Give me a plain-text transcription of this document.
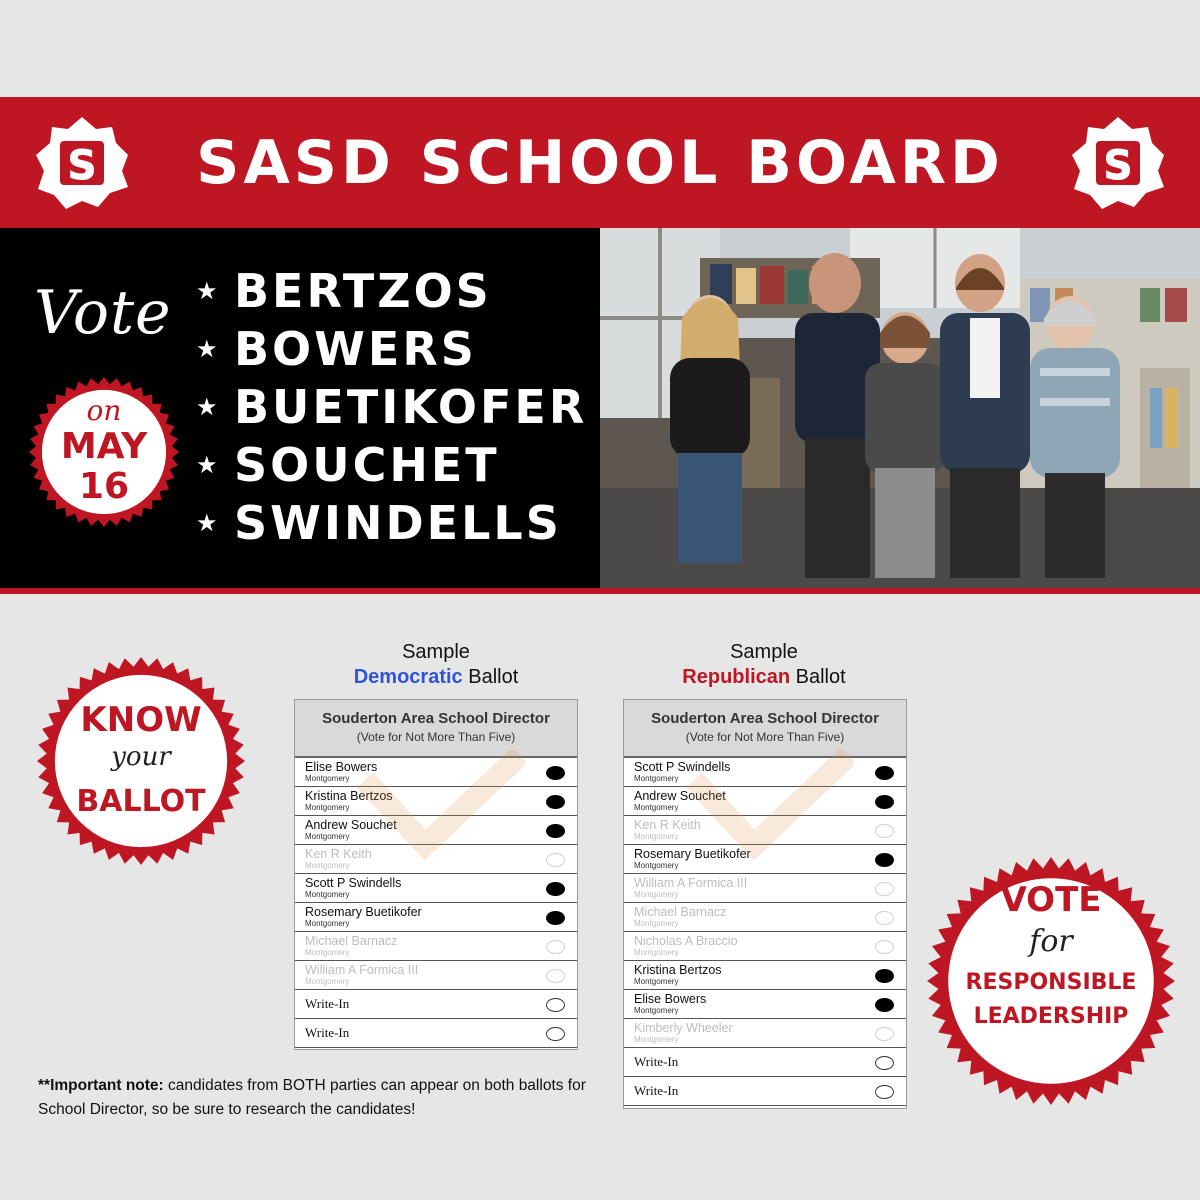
S	SASD SCHOOL BOARD	S
Vote
on
MAY
16
★ BERTZOS
★ BOWERS
★ BUETIKOFER
★ SOUCHET
★ SWINDELLS
Sample
Democratic Ballot
Sample
Republican Ballot
Souderton Area School Director
(Vote for Not More Than Five)
Elise Bowers
Montgomery
Kristina Bertzos
Montgomery
Andrew Souchet
Montgomery
Ken R Keith
Montgomery
Scott P Swindells
Montgomery
Rosemary Buetikofer
Montgomery
Michael Barnacz
Montgomery
William A Formica III
Montgomery
Write-In
Write-In
Souderton Area School Director
(Vote for Not More Than Five)
Scott P Swindells
Montgomery
Andrew Souchet
Montgomery
Ken R Keith
Montgomery
Rosemary Buetikofer
Montgomery
William A Formica III
Montgomery
Michael Barnacz
Montgomery
Nicholas A Braccio
Montgomery
Kristina Bertzos
Montgomery
Elise Bowers
Montgomery
Kimberly Wheeler
Montgomery
Write-In
Write-In
KNOW
your
BALLOT
VOTE
for
RESPONSIBLE
LEADERSHIP
**Important note: candidates from BOTH parties can appear on both ballots for School Director, so be sure to research the candidates!
